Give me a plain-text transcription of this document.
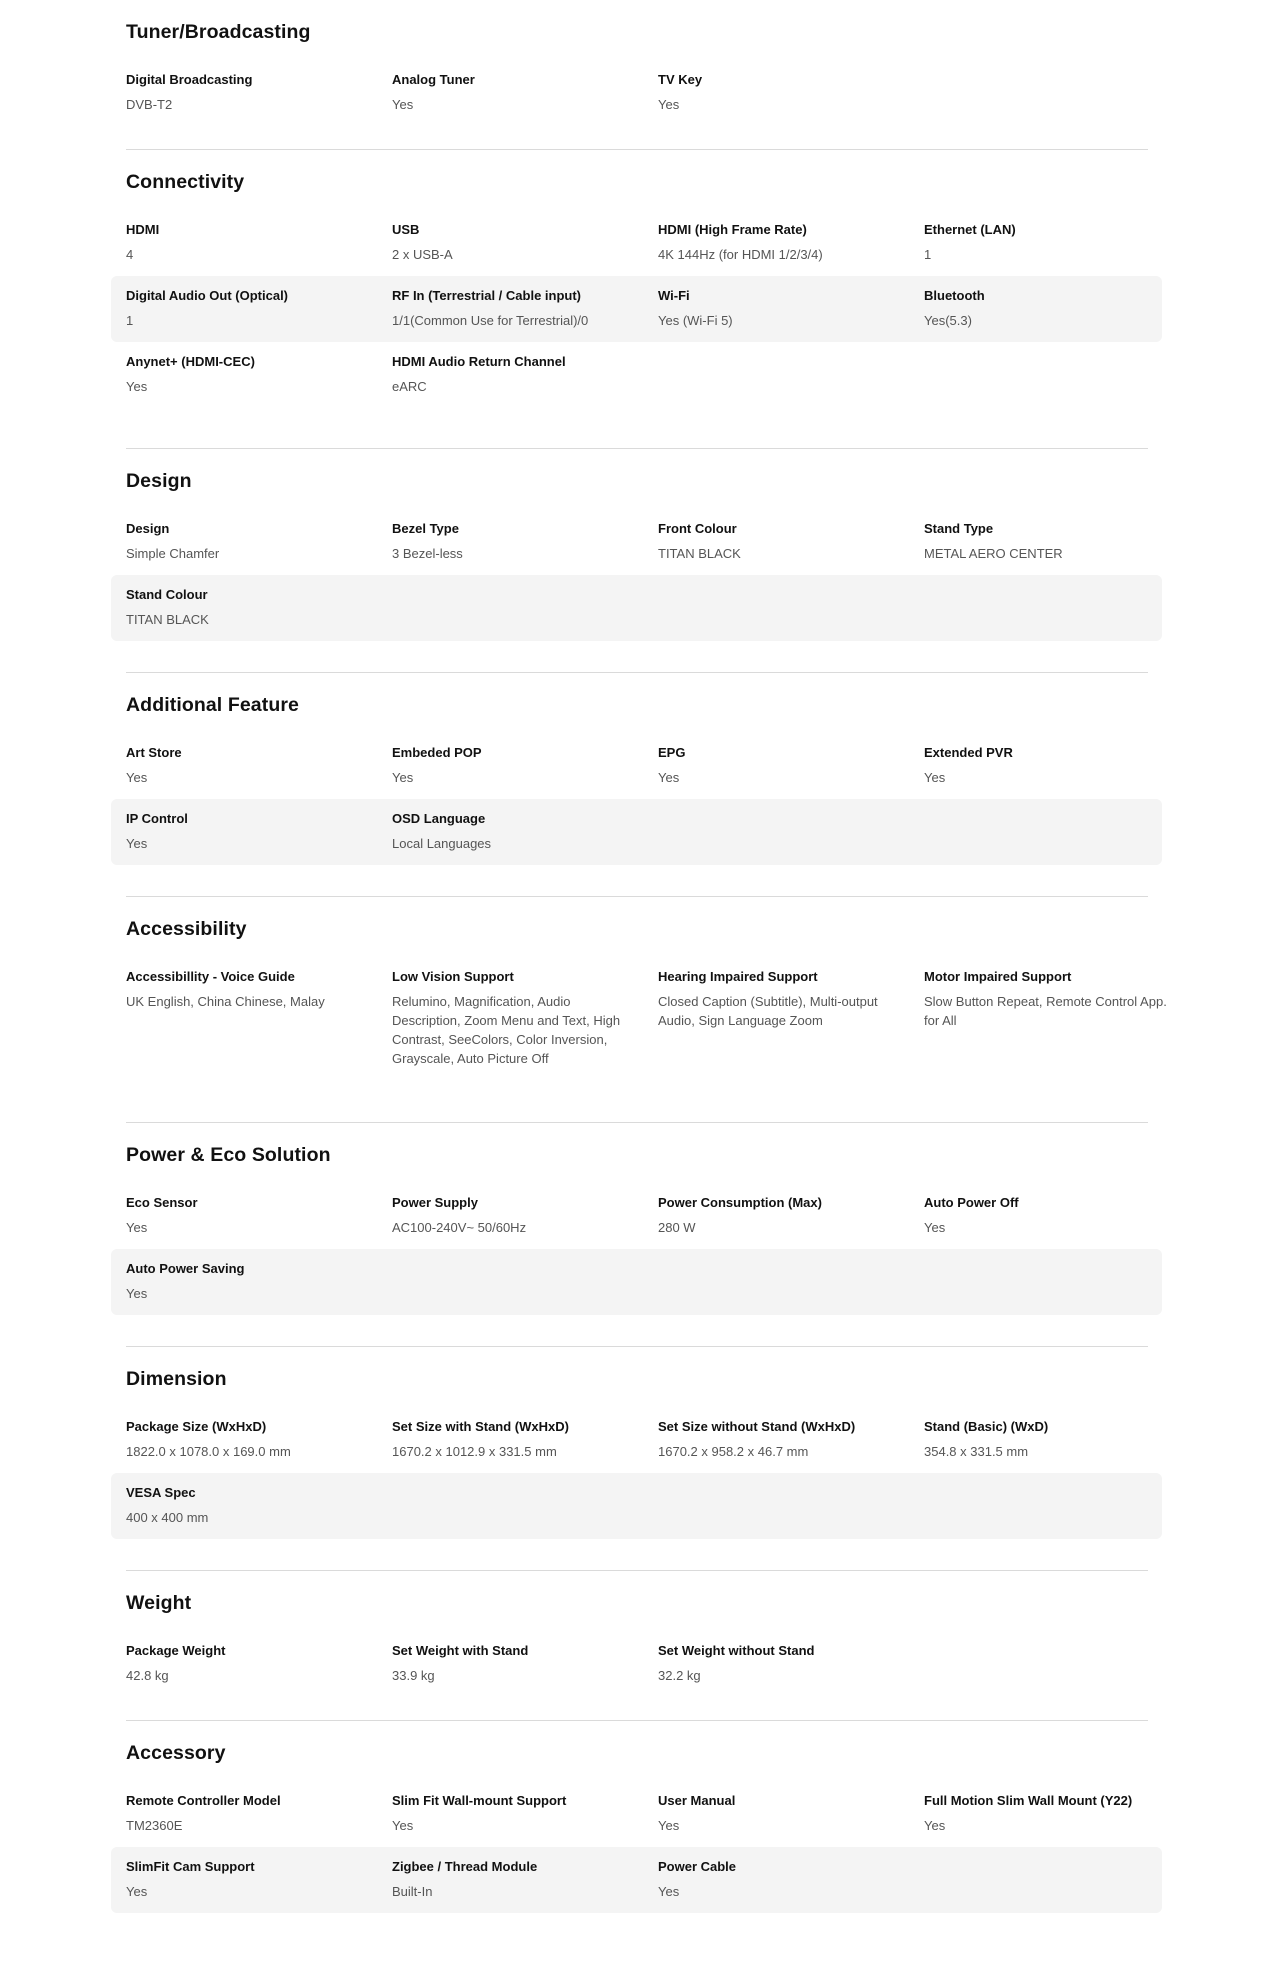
Tuner/Broadcasting

Digital Broadcasting

DVB-T2

Analog Tuner

Yes

TV Key

Yes

Connectivity

HDMI

4

USB

2 x USB-A

HDMI (High Frame Rate)

4K 144Hz (for HDMI 1/2/3/4)

Ethernet (LAN)

1

Digital Audio Out (Optical)

1

RF In (Terrestrial / Cable input)

1/1(Common Use for Terrestrial)/0

Wi-Fi

Yes (Wi-Fi 5)

Bluetooth

Yes(5.3)

Anynet+ (HDMI-CEC)

Yes

HDMI Audio Return Channel

eARC

Design

Design

Simple Chamfer

Bezel Type

3 Bezel-less

Front Colour

TITAN BLACK

Stand Type

METAL AERO CENTER

Stand Colour

TITAN BLACK

Additional Feature

Art Store

Yes

Embeded POP

Yes

EPG

Yes

Extended PVR

Yes

IP Control

Yes

OSD Language

Local Languages

Accessibility

Accessibillity - Voice Guide

UK English, China Chinese, Malay

Low Vision Support

Relumino, Magnification, Audio Description, Zoom Menu and Text, High Contrast, SeeColors, Color Inversion, Grayscale, Auto Picture Off

Hearing Impaired Support

Closed Caption (Subtitle), Multi-output Audio, Sign Language Zoom

Motor Impaired Support

Slow Button Repeat, Remote Control App. for All

Power & Eco Solution

Eco Sensor

Yes

Power Supply

AC100-240V~ 50/60Hz

Power Consumption (Max)

280 W

Auto Power Off

Yes

Auto Power Saving

Yes

Dimension

Package Size (WxHxD)

1822.0 x 1078.0 x 169.0 mm

Set Size with Stand (WxHxD)

1670.2 x 1012.9 x 331.5 mm

Set Size without Stand (WxHxD)

1670.2 x 958.2 x 46.7 mm

Stand (Basic) (WxD)

354.8 x 331.5 mm

VESA Spec

400 x 400 mm

Weight

Package Weight

42.8 kg

Set Weight with Stand

33.9 kg

Set Weight without Stand

32.2 kg

Accessory

Remote Controller Model

TM2360E

Slim Fit Wall-mount Support

Yes

User Manual

Yes

Full Motion Slim Wall Mount (Y22)

Yes

SlimFit Cam Support

Yes

Zigbee / Thread Module

Built-In

Power Cable

Yes
